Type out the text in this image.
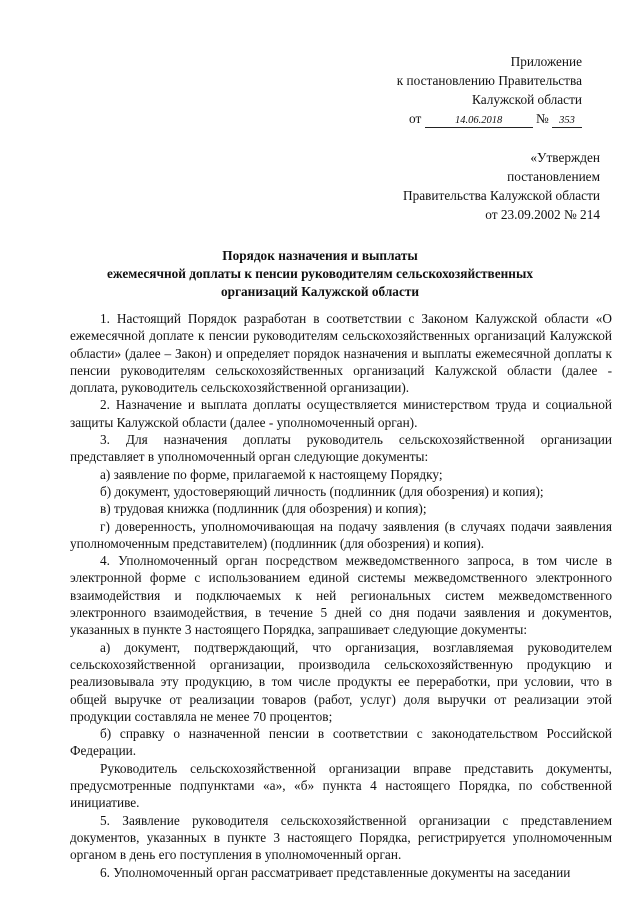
Приложение
к постановлению Правительства
Калужской области
от	14.06.2018	№ 353
«Утвержден
постановлением
Правительства Калужской области
от 23.09.2002 № 214
Порядок назначения и выплаты
ежемесячной доплаты к пенсии руководителям сельскохозяйственных
организаций Калужской области

1. Настоящий Порядок разработан в соответствии с Законом Калужской области «О ежемесячной доплате к пенсии руководителям сельскохозяйственных организаций Калужской области» (далее – Закон) и определяет порядок назначения и выплаты ежемесячной доплаты к пенсии руководителям сельскохозяйственных организаций Калужской области (далее - доплата, руководитель сельскохозяйственной организации).

2. Назначение и выплата доплаты осуществляется министерством труда и социальной защиты Калужской области (далее - уполномоченный орган).

3. Для назначения доплаты руководитель сельскохозяйственной организации представляет в уполномоченный орган следующие документы:

а) заявление по форме, прилагаемой к настоящему Порядку;

б) документ, удостоверяющий личность (подлинник (для обозрения) и копия);

в) трудовая книжка (подлинник (для обозрения) и копия);

г) доверенность, уполномочивающая на подачу заявления (в случаях подачи заявления уполномоченным представителем) (подлинник (для обозрения) и копия).

4. Уполномоченный орган посредством межведомственного запроса, в том числе в электронной форме с использованием единой системы межведомственного электронного взаимодействия и подключаемых к ней региональных систем межведомственного электронного взаимодействия, в течение 5 дней со дня подачи заявления и документов, указанных в пункте 3 настоящего Порядка, запрашивает следующие документы:

а) документ, подтверждающий, что организация, возглавляемая руководителем сельскохозяйственной организации, производила сельскохозяйственную продукцию и реализовывала эту продукцию, в том числе продукты ее переработки, при условии, что в общей выручке от реализации товаров (работ, услуг) доля выручки от реализации этой продукции составляла не менее 70 процентов;

б) справку о назначенной пенсии в соответствии с законодательством Российской Федерации.

Руководитель сельскохозяйственной организации вправе представить документы, предусмотренные подпунктами «а», «б» пункта 4 настоящего Порядка, по собственной инициативе.

5. Заявление руководителя сельскохозяйственной организации с представлением документов, указанных в пункте 3 настоящего Порядка, регистрируется уполномоченным органом в день его поступления в уполномоченный орган.

6. Уполномоченный орган рассматривает представленные документы на заседании
